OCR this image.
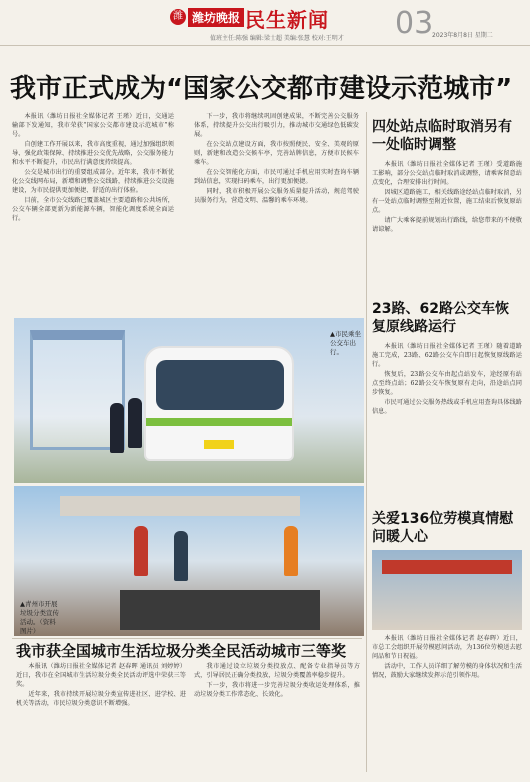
潍 潍坊晚报 民生新闻 03
2023年8月8日 星期二
值班主任:陈强 编辑:梁士超 美编:张慧 校对:王明才
我市正式成为“国家公交都市建设示范城市”

本报讯（潍坊日报社全媒体记者 王瑾）近日，交通运输部下发通知，我市荣获“国家公交都市建设示范城市”称号。

自创建工作开展以来，我市高度重视，通过加强组织领导、强化政策保障、持续推进公交优先战略，公交服务能力和水平不断提升，市民出行满意度持续提高。

公交是城市出行的重要组成部分。近年来，我市不断优化公交线网布局，新增和调整公交线路，持续推进公交设施建设，为市民提供更加便捷、舒适的出行体验。

目前，全市公交线路已覆盖城区主要道路和公共场所，公交车辆全部更新为新能源车辆，智能化调度系统全面运行。

下一步，我市将继续巩固创建成果，不断完善公交服务体系，持续提升公交出行吸引力，推动城市交通绿色低碳发展。

在公交站点建设方面，我市按照便民、安全、美观的原则，新建和改造公交候车亭，完善站牌信息，方便市民候车乘车。

在公交智能化方面，市民可通过手机应用实时查询车辆到站信息，实现扫码乘车，出行更加便捷。

同时，我市积极开展公交服务质量提升活动，规范驾驶员服务行为，营造文明、温馨的乘车环境。

四处站点临时取消另有一处临时调整

本报讯（潍坊日报社全媒体记者 王瑾）受道路施工影响，部分公交站点临时取消或调整，请乘客留意站点变化，合理安排出行时间。

因城区道路施工，相关线路途经站点临时取消，另有一处站点临时调整至附近位置，施工结束后恢复原站点。

请广大乘客提前规划出行路线，给您带来的不便敬请谅解。

23路、62路公交车恢复原线路运行

本报讯（潍坊日报社全媒体记者 王瑾）随着道路施工完成，23路、62路公交车自即日起恢复原线路运行。

恢复后，23路公交车由起点站发车，途经原有站点至终点站；62路公交车恢复原有走向，沿途站点同步恢复。

市民可通过公交服务热线或手机应用查询具体线路信息。

关爱136位劳模真情慰问暖人心

本报讯（潍坊日报社全媒体记者 赵春晖）近日，市总工会组织开展劳模慰问活动，为136位劳模送去慰问品和节日祝福。

活动中，工作人员详细了解劳模的身体状况和生活情况，鼓励大家继续发挥示范引领作用。

▲市民乘坐公交车出行。
▲青州市开展垃圾分类宣传活动。（资料图片）
我市获全国城市生活垃圾分类全民活动城市三等奖

本报讯（潍坊日报社全媒体记者 赵春晖 通讯员 刘婷婷）近日，我市在全国城市生活垃圾分类全民活动评选中荣获三等奖。

近年来，我市持续开展垃圾分类宣传进社区、进学校、进机关等活动，市民垃圾分类意识不断增强。

我市通过设立垃圾分类投放点、配备专业指导员等方式，引导居民正确分类投放，垃圾分类覆盖率稳步提升。

下一步，我市将进一步完善垃圾分类收运处理体系，推动垃圾分类工作常态化、长效化。
